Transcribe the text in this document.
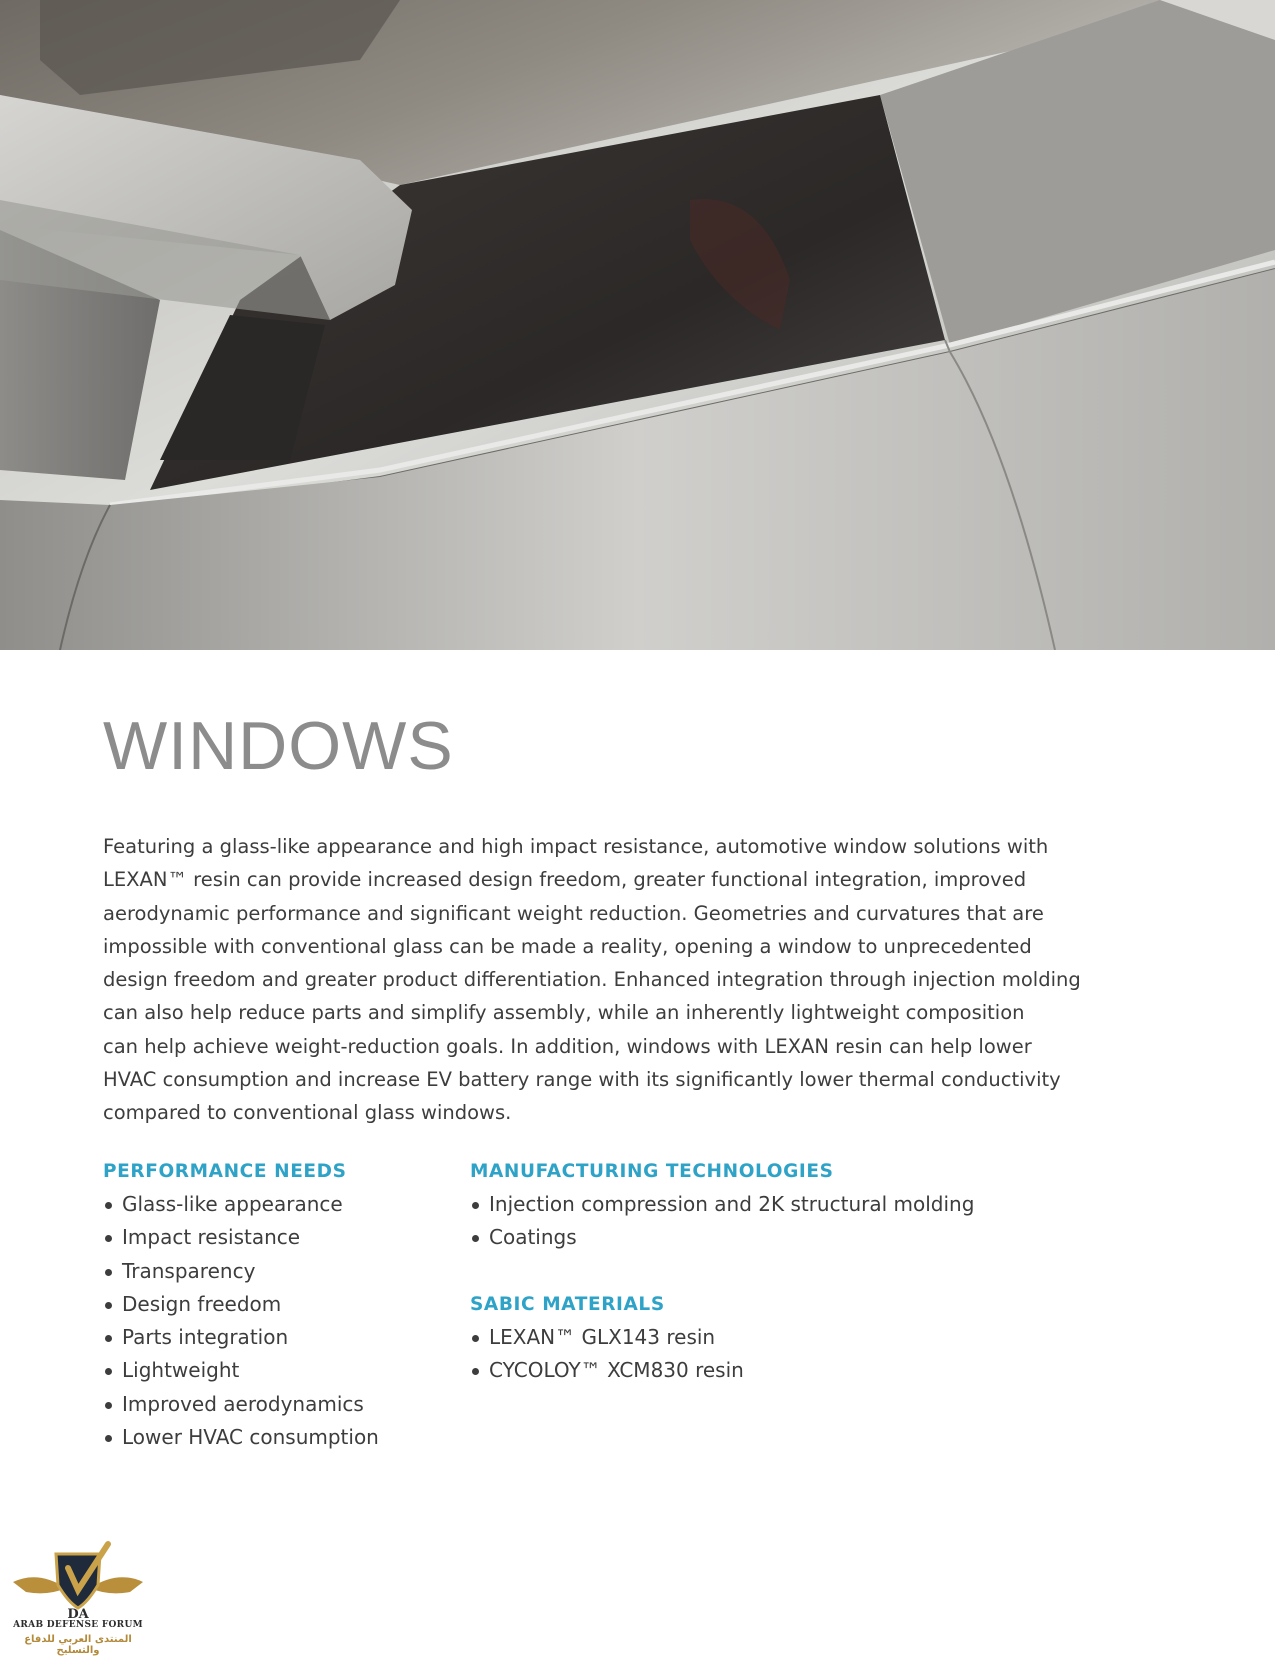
WINDOWS

Featuring a glass-like appearance and high impact resistance, automotive window solutions with
LEXAN™ resin can provide increased design freedom, greater functional integration, improved
aerodynamic performance and significant weight reduction. Geometries and curvatures that are
impossible with conventional glass can be made a reality, opening a window to unprecedented
design freedom and greater product differentiation. Enhanced integration through injection molding
can also help reduce parts and simplify assembly, while an inherently lightweight composition
can help achieve weight-reduction goals. In addition, windows with LEXAN resin can help lower
HVAC consumption and increase EV battery range with its significantly lower thermal conductivity
compared to conventional glass windows.

PERFORMANCE NEEDS
Glass-like appearance
Impact resistance
Transparency
Design freedom
Parts integration
Lightweight
Improved aerodynamics
Lower HVAC consumption
MANUFACTURING TECHNOLOGIES
Injection compression and 2K structural molding
Coatings
SABIC MATERIALS
LEXAN™ GLX143 resin
CYCOLOY™ XCM830 resin
DA
ARAB DEFENSE FORUM
المنتدى العربي للدفاع والتسليح
